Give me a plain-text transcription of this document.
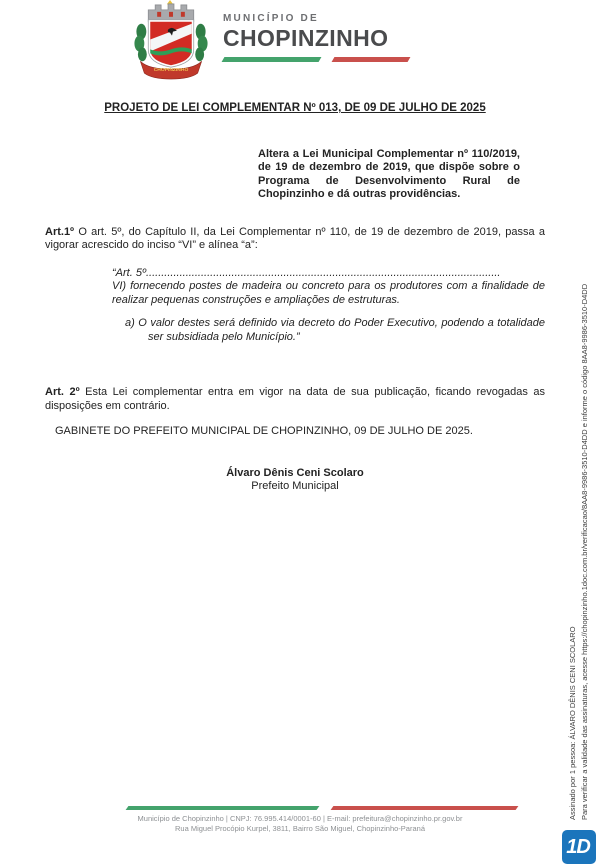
CHOPINZINHO
MUNICÍPIO DE
CHOPINZINHO
PROJETO DE LEI COMPLEMENTAR Nº 013, DE 09 DE JULHO DE 2025
Altera a Lei Municipal Complementar nº 110/2019, de 19 de dezembro de 2019, que dispõe sobre o Programa de Desenvolvimento Rural de Chopinzinho e dá outras providências.
Art.1º O art. 5º, do Capítulo II, da Lei Complementar nº 110, de 19 de dezembro de 2019, passa a vigorar acrescido do inciso “VI” e alínea “a”:
“Art. 5º....................................................................................................................
VI) fornecendo postes de madeira ou concreto para os produtores com a finalidade de realizar pequenas construções e ampliações de estruturas.
a) O valor destes será definido via decreto do Poder Executivo, podendo a totalidade ser subsidiada pelo Município.”
Art. 2º Esta Lei complementar entra em vigor na data de sua publicação, ficando revogadas as disposições em contrário.
GABINETE DO PREFEITO MUNICIPAL DE CHOPINZINHO, 09 DE JULHO DE 2025.
Álvaro Dênis Ceni Scolaro
Prefeito Municipal
Município de Chopinzinho | CNPJ: 76.995.414/0001-60 | E-mail: prefeitura@chopinzinho.pr.gov.br
Rua Miguel Procópio Kurpel, 3811, Bairro São Miguel, Chopinzinho-Paraná
Assinado por 1 pessoa: ÁLVARO DÊNIS CENI SCOLARO Para verificar a validade das assinaturas, acesse https://chopinzinho.1doc.com.br/verificacao/8AA8-9986-3510-D4DD e informe o código 8AA8-9986-3510-D4DD
1D
